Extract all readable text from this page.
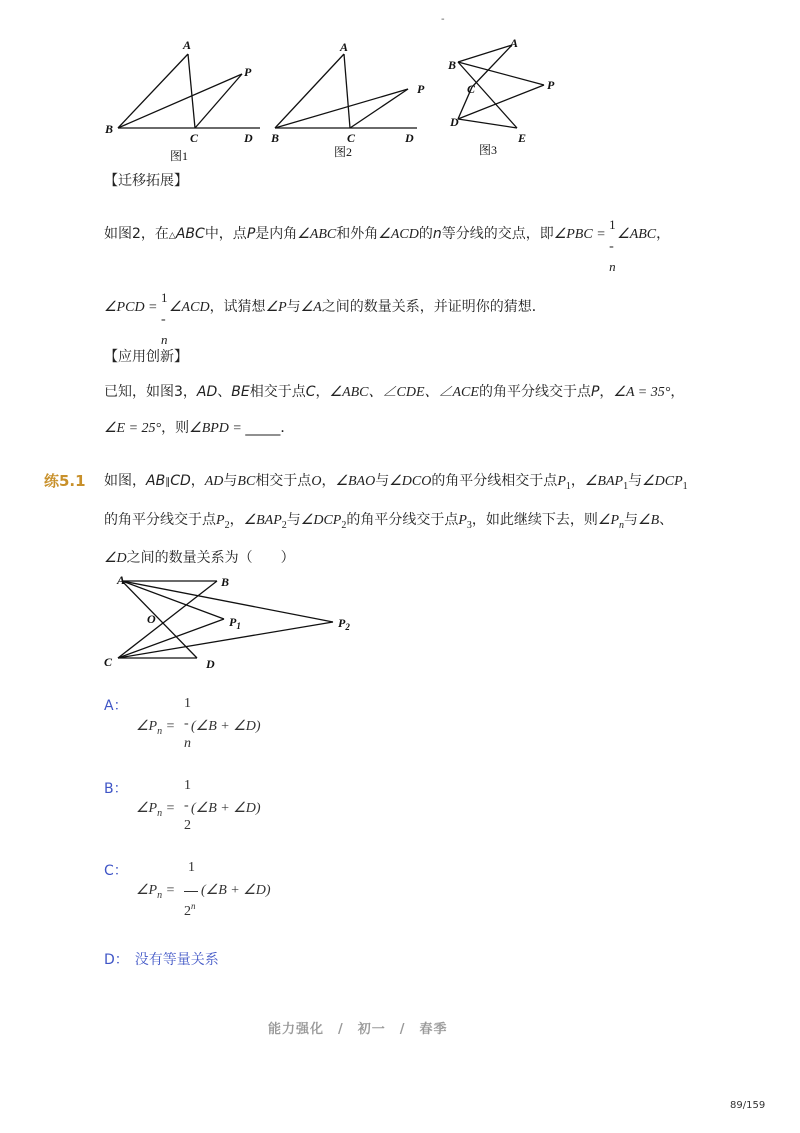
-
A
B
C	D
P
图1
A
B	C	D
P
图2
A
B
C
D
E
P
图3
【迁移拓展】
如图2，在△ABC中，点P是内角∠ABC和外角∠ACD的n等分线的交点，即∠PBC =
1
-
n
∠ABC，
∠PCD =
1
-
n
∠ACD，试猜想∠P与∠A之间的数量关系，并证明你的猜想．
【应用创新】
已知，如图3，AD、BE相交于点C，∠ABC、∠CDE、∠ACE的角平分线交于点P，∠A = 35°，
∠E = 25°，则∠BPD = _____．
练5.1 如图，AB∥CD，AD与BC相交于点O，∠BAO与∠DCO的角平分线相交于点$P_1$，$\angle BAP_1$与$\angle DCP_1$
的角平分线交于点$P_2$，$\angle BAP_2$与$\angle DCP_2$的角平分线交于点$P_3$，如此继续下去，则$\angle P_n$与∠B、
∠D之间的数量关系为（　　）
A	B
O	$P_1$	$P_2$
C	D
A：	1
$\angle P_n$ = - (∠B + ∠D)
n
B：	1
$\angle P_n$ = - (∠B + ∠D)
2
C：	1
$\angle P_n$ = (∠B + ∠D)
2$^n$
D： 没有等量关系
能力强化　/　初一　/　春季
89/159
